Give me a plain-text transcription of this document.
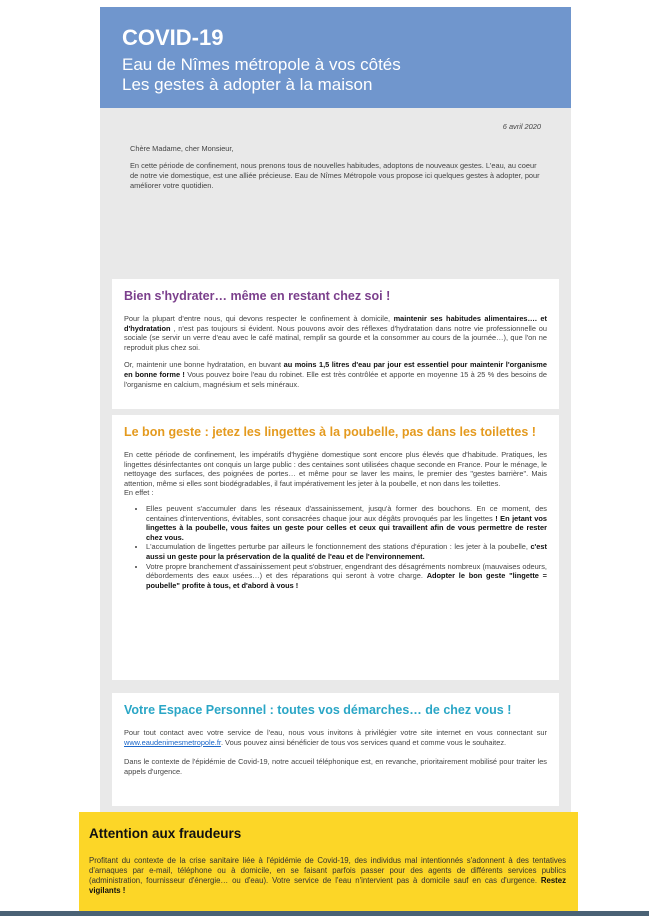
COVID-19
Eau de Nîmes métropole à vos côtés
Les gestes à adopter à la maison
6 avril 2020

Chère Madame, cher Monsieur,

En cette période de confinement, nous prenons tous de nouvelles habitudes, adoptons de nouveaux gestes. L'eau, au coeur de notre vie domestique, est une alliée précieuse. Eau de Nîmes Métropole vous propose ici quelques gestes à adopter, pour améliorer votre quotidien.

Bien s'hydrater… même en restant chez soi !

Pour la plupart d'entre nous, qui devons respecter le confinement à domicile, maintenir ses habitudes alimentaires…. et d'hydratation , n'est pas toujours si évident. Nous pouvons avoir des réflexes d'hydratation dans notre vie professionnelle ou sociale (se servir un verre d'eau avec le café matinal, remplir sa gourde et la consommer au cours de la journée…), que l'on ne reproduit plus chez soi.

Or, maintenir une bonne hydratation, en buvant au moins 1,5 litres d'eau par jour est essentiel pour maintenir l'organisme en bonne forme ! Vous pouvez boire l'eau du robinet. Elle est très contrôlée et apporte en moyenne 15 à 25 % des besoins de l'organisme en calcium, magnésium et sels minéraux.

Le bon geste : jetez les lingettes à la poubelle, pas dans les toilettes !
En cette période de confinement, les impératifs d'hygiène domestique sont encore plus élevés que d'habitude. Pratiques, les lingettes désinfectantes ont conquis un large public : des centaines sont utilisées chaque seconde en France. Pour le ménage, le nettoyage des surfaces, des poignées de portes… et même pour se laver les mains, le premier des "gestes barrière". Mais attention, même si elles sont biodégradables, il faut impérativement les jeter à la poubelle, et non dans les toilettes.
En effet :
• Elles peuvent s'accumuler dans les réseaux d'assainissement, jusqu'à former des bouchons. En ce moment, des centaines d'interventions, évitables, sont consacrées chaque jour aux dégâts provoqués par les lingettes ! En jetant vos lingettes à la poubelle, vous faites un geste pour celles et ceux qui travaillent afin de vous permettre de rester chez vous.
• L'accumulation de lingettes perturbe par ailleurs le fonctionnement des stations d'épuration : les jeter à la poubelle, c'est aussi un geste pour la préservation de la qualité de l'eau et de l'environnement.
• Votre propre branchement d'assainissement peut s'obstruer, engendrant des désagréments nombreux (mauvaises odeurs, débordements des eaux usées…) et des réparations qui seront à votre charge. Adopter le bon geste "lingette = poubelle" profite à tous, et d'abord à vous !
Votre Espace Personnel : toutes vos démarches… de chez vous !

Pour tout contact avec votre service de l'eau, nous vous invitons à privilégier votre site internet en vous connectant sur www.eaudenimesmetropole.fr. Vous pouvez ainsi bénéficier de tous vos services quand et comme vous le souhaitez.

Dans le contexte de l'épidémie de Covid-19, notre accueil téléphonique est, en revanche, prioritairement mobilisé pour traiter les appels d'urgence.

Attention aux fraudeurs
Profitant du contexte de la crise sanitaire liée à l'épidémie de Covid-19, des individus mal intentionnés s'adonnent à des tentatives d'arnaques par e-mail, téléphone ou à domicile, en se faisant parfois passer pour des agents de différents services publics (administration, fournisseur d'énergie… ou d'eau). Votre service de l'eau n'intervient pas à domicile sauf en cas d'urgence. Restez vigilants !
